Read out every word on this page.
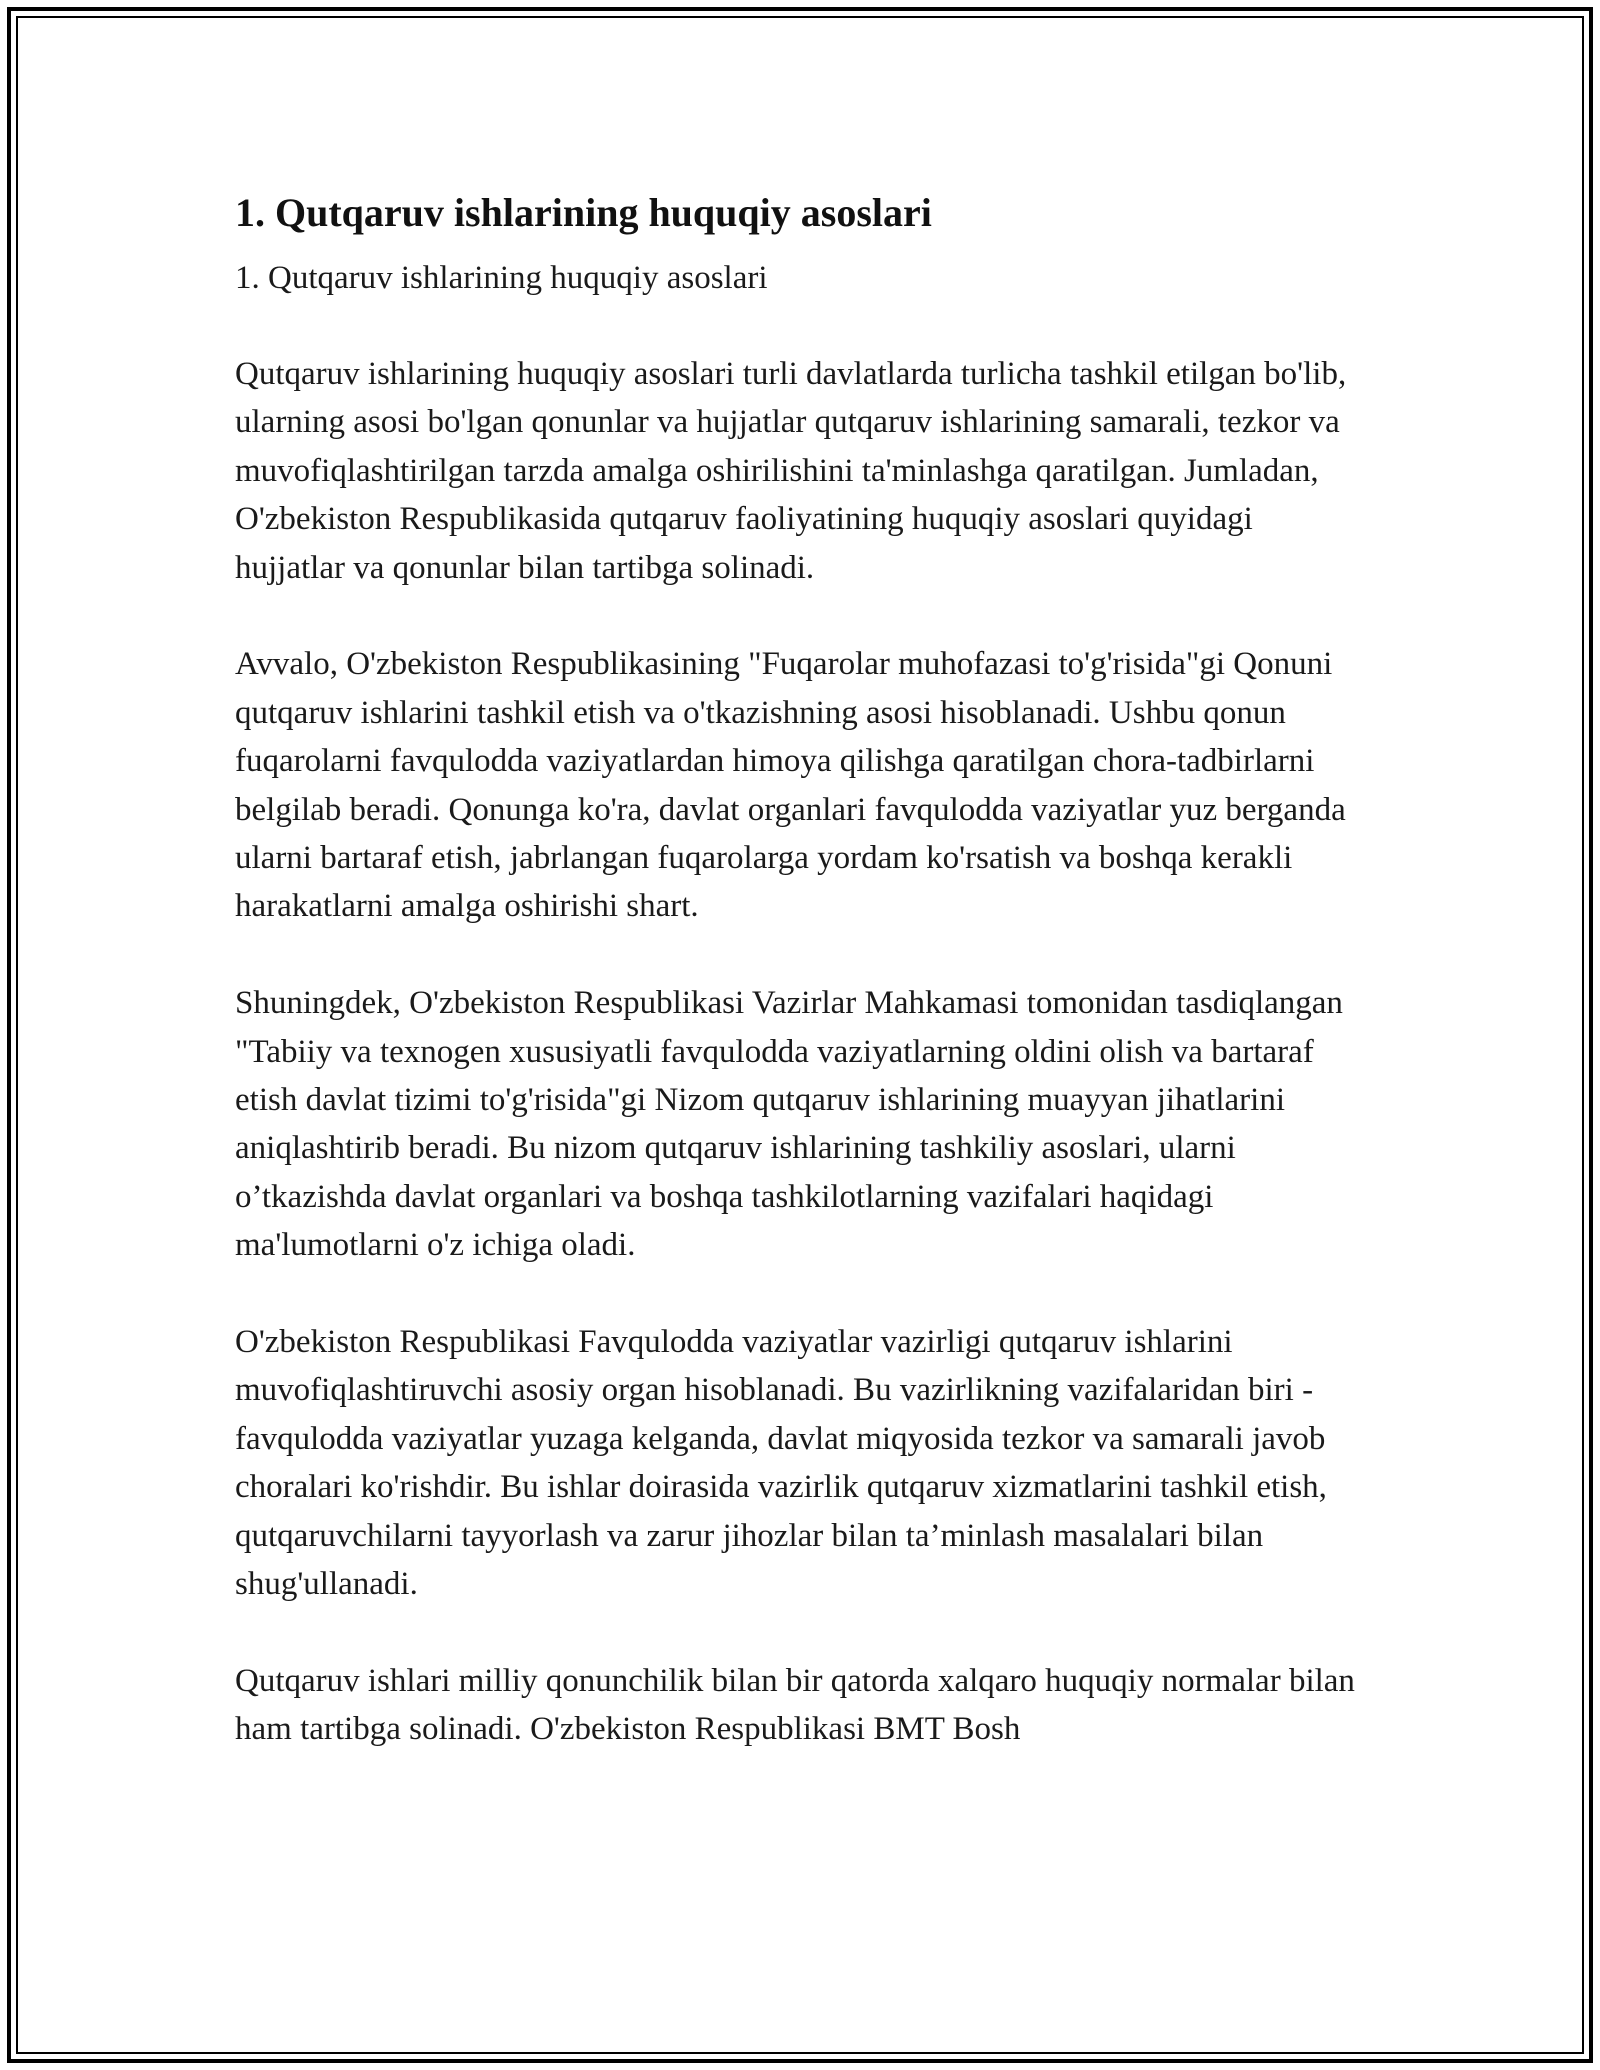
1. Qutqaruv ishlarining huquqiy asoslari

1. Qutqaruv ishlarining huquqiy asoslari

Qutqaruv ishlarining huquqiy asoslari turli davlatlarda turlicha tashkil etilgan bo'lib, ularning asosi bo'lgan qonunlar va hujjatlar qutqaruv ishlarining samarali, tezkor va muvofiqlashtirilgan tarzda amalga oshirilishini ta'minlashga qaratilgan. Jumladan, O'zbekiston Respublikasida qutqaruv faoliyatining huquqiy asoslari quyidagi hujjatlar va qonunlar bilan tartibga solinadi.

Avvalo, O'zbekiston Respublikasining "Fuqarolar muhofazasi to'g'risida"gi Qonuni qutqaruv ishlarini tashkil etish va o'tkazishning asosi hisoblanadi. Ushbu qonun fuqarolarni favqulodda vaziyatlardan himoya qilishga qaratilgan chora-tadbirlarni belgilab beradi. Qonunga ko'ra, davlat organlari favqulodda vaziyatlar yuz berganda ularni bartaraf etish, jabrlangan fuqarolarga yordam ko'rsatish va boshqa kerakli harakatlarni amalga oshirishi shart.

Shuningdek, O'zbekiston Respublikasi Vazirlar Mahkamasi tomonidan tasdiqlangan "Tabiiy va texnogen xususiyatli favqulodda vaziyatlarning oldini olish va bartaraf etish davlat tizimi to'g'risida"gi Nizom qutqaruv ishlarining muayyan jihatlarini aniqlashtirib beradi. Bu nizom qutqaruv ishlarining tashkiliy asoslari, ularni o’tkazishda davlat organlari va boshqa tashkilotlarning vazifalari haqidagi ma'lumotlarni o'z ichiga oladi.

O'zbekiston Respublikasi Favqulodda vaziyatlar vazirligi qutqaruv ishlarini muvofiqlashtiruvchi asosiy organ hisoblanadi. Bu vazirlikning vazifalaridan biri - favqulodda vaziyatlar yuzaga kelganda, davlat miqyosida tezkor va samarali javob choralari ko'rishdir. Bu ishlar doirasida vazirlik qutqaruv xizmatlarini tashkil etish, qutqaruvchilarni tayyorlash va zarur jihozlar bilan ta’minlash masalalari bilan shug'ullanadi.

Qutqaruv ishlari milliy qonunchilik bilan bir qatorda xalqaro huquqiy normalar bilan ham tartibga solinadi. O'zbekiston Respublikasi BMT Bosh
